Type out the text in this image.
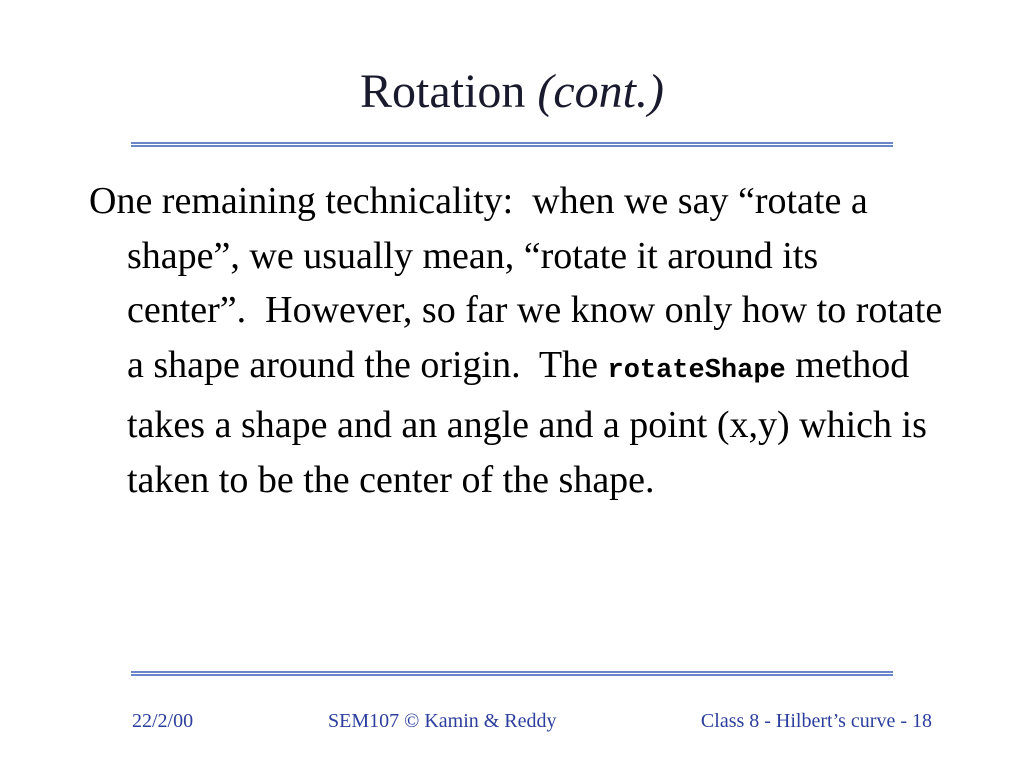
Rotation (cont.)
One remaining technicality:  when we say “rotate a shape”, we usually mean, “rotate it around its center”.  However, so far we know only how to rotate a shape around the origin.  The rotateShape method takes a shape and an angle and a point (x,y) which is taken to be the center of the shape.
22/2/00	SEM107 © Kamin & Reddy	Class 8 - Hilbert’s curve - 18
